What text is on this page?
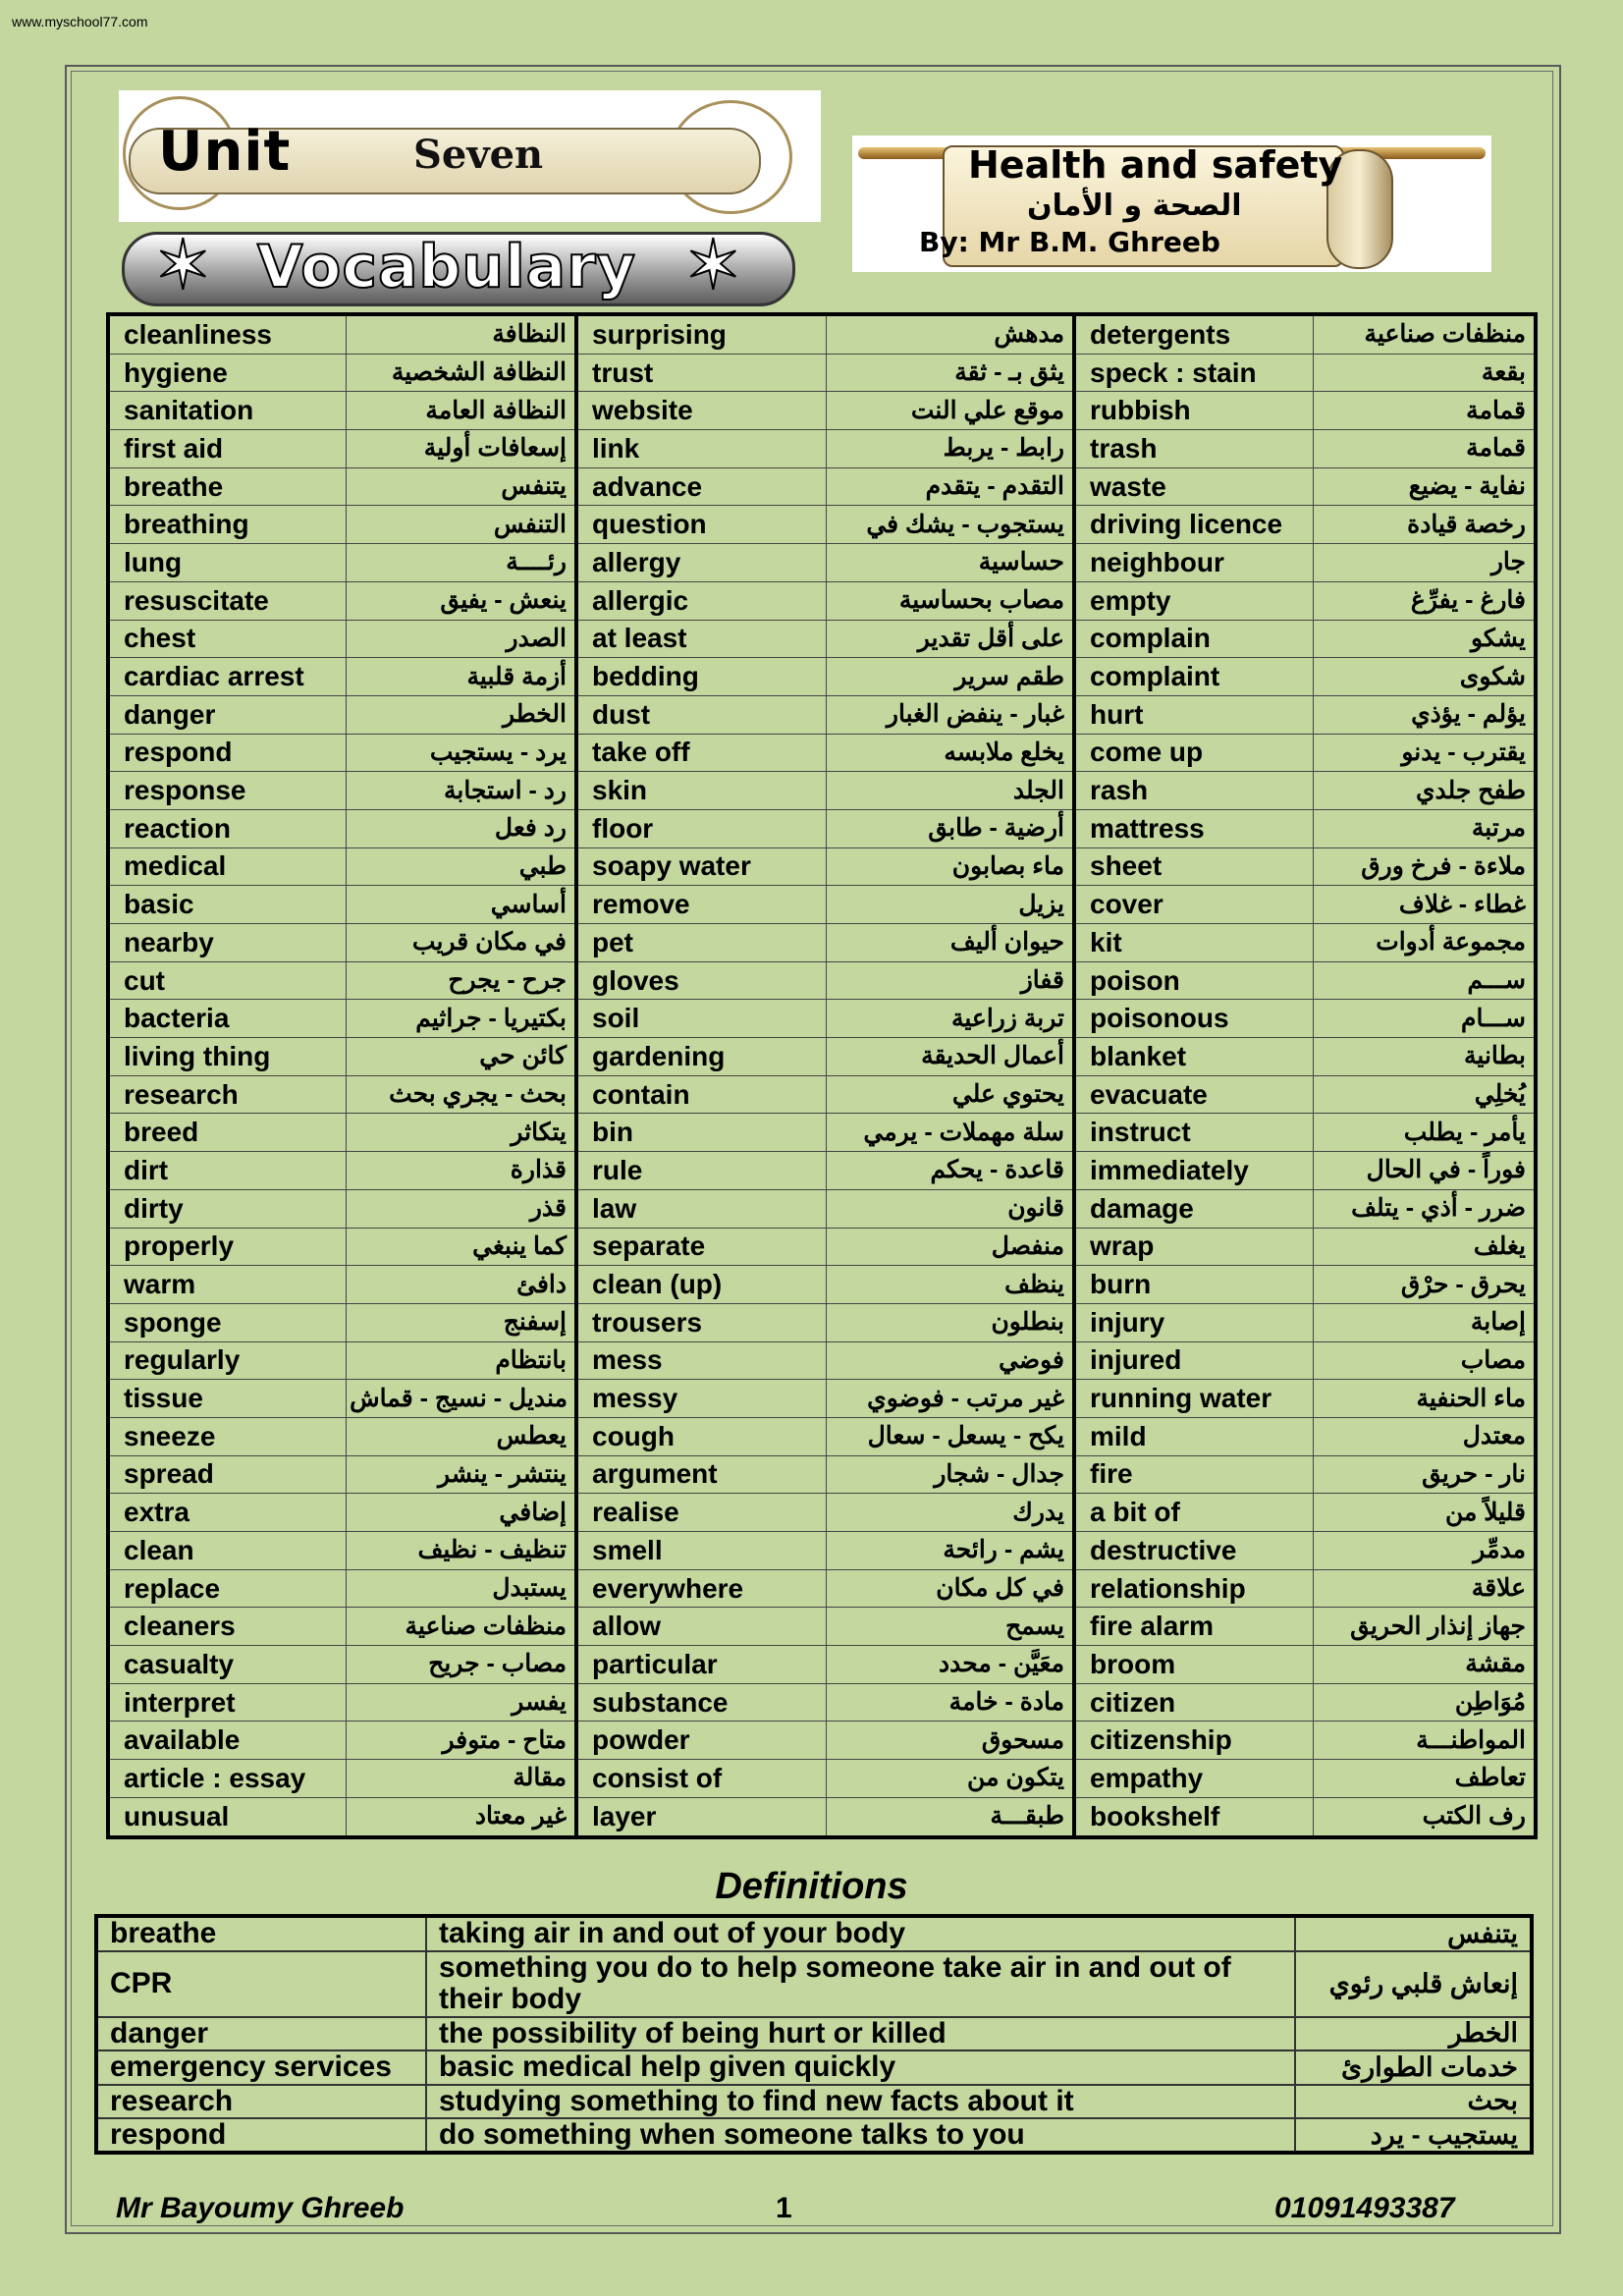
www.myschool77.com
Unit	Seven
✶ Vocabulary ✶
Health and safety
الصحة و الأمان
By: Mr B.M. Ghreeb
cleanliness	النظافة	surprising	مدهش	detergents	منظفات صناعية
hygiene	النظافة الشخصية	trust	يثق بـ - ثقة	speck : stain	بقعة
sanitation	النظافة العامة	website	موقع علي النت	rubbish	قمامة
first aid	إسعافات أولية	link	رابط - يربط	trash	قمامة
breathe	يتنفس	advance	التقدم - يتقدم	waste	نفاية - يضيع
breathing	التنفس	question	يستجوب - يشك في	driving licence	رخصة قيادة
lung	رئــــة	allergy	حساسية	neighbour	جار
resuscitate	ينعش - يفيق	allergic	مصاب بحساسية	empty	فارغ - يفرِّغ
chest	الصدر	at least	على أقل تقدير	complain	يشكو
cardiac arrest	أزمة قلبية	bedding	طقم سرير	complaint	شكوى
danger	الخطر	dust	غبار - ينفض الغبار	hurt	يؤلم - يؤذي
respond	يرد - يستجيب	take off	يخلع ملابسه	come up	يقترب - يدنو
response	رد - استجابة	skin	الجلد	rash	طفح جلدي
reaction	رد فعل	floor	أرضية - طابق	mattress	مرتبة
medical	طبي	soapy water	ماء بصابون	sheet	ملاءة - فرخ ورق
basic	أساسي	remove	يزيل	cover	غطاء - غلاف
nearby	في مكان قريب	pet	حيوان أليف	kit	مجموعة أدوات
cut	جرح - يجرح	gloves	قفاز	poison	ســـم
bacteria	بكتيريا - جراثيم	soil	تربة زراعية	poisonous	ســـام
living thing	كائن حي	gardening	أعمال الحديقة	blanket	بطانية
research	بحث - يجري بحث	contain	يحتوي علي	evacuate	يُخلِي
breed	يتكاثر	bin	سلة مهملات - يرمي	instruct	يأمر - يطلب
dirt	قذارة	rule	قاعدة - يحكم	immediately	فوراً - في الحال
dirty	قذر	law	قانون	damage	ضرر - أذي - يتلف
properly	كما ينبغي	separate	منفصل	wrap	يغلف
warm	دافئ	clean (up)	ينظف	burn	يحرق - حرْق
sponge	إسفنج	trousers	بنطلون	injury	إصابة
regularly	بانتظام	mess	فوضي	injured	مصاب
tissue	منديل - نسيج - قماش	messy	غير مرتب - فوضوي	running water	ماء الحنفية
sneeze	يعطس	cough	يكح - يسعل - سعال	mild	معتدل
spread	ينتشر - ينشر	argument	جدال - شجار	fire	نار - حريق
extra	إضافي	realise	يدرك	a bit of	قليلاً من
clean	تنظيف - نظيف	smell	يشم - رائحة	destructive	مدمِّر
replace	يستبدل	everywhere	في كل مكان	relationship	علاقة
cleaners	منظفات صناعية	allow	يسمح	fire alarm	جهاز إنذار الحريق
casualty	مصاب - جريح	particular	معَيَّن - محدد	broom	مقشة
interpret	يفسر	substance	مادة - خامة	citizen	مُوَاطِن
available	متاح - متوفر	powder	مسحوق	citizenship	المواطنـــة
article : essay	مقالة	consist of	يتكون من	empathy	تعاطف
unusual	غير معتاد	layer	طبقـــة	bookshelf	رف الكتب
Definitions
breathe	taking air in and out of your body	يتنفس
CPR	something you do to help someone take air in and out of their body	إنعاش قلبي رئوي
danger	the possibility of being hurt or killed	الخطر
emergency services	basic medical help given quickly	خدمات الطوارئ
research	studying something to find new facts about it	بحث
respond	do something when someone talks to you	يستجيب - يرد
Mr Bayoumy Ghreeb	1	01091493387
